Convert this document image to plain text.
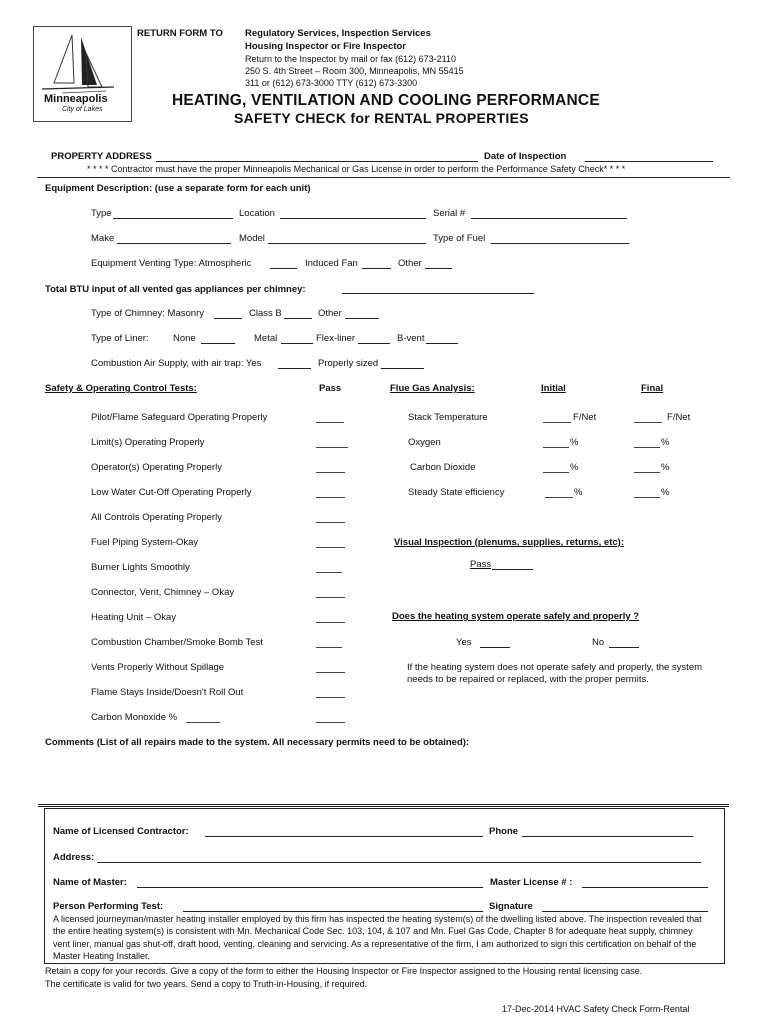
Minneapolis
City of Lakes
RETURN FORM TO Regulatory Services, Inspection Services
Housing Inspector or Fire Inspector
Return to the Inspector by mail or fax (612) 673-2110
250 S. 4th Street – Room 300, Minneapolis, MN 55415
311 or (612) 673-3000 TTY (612) 673-3300
HEATING, VENTILATION AND COOLING PERFORMANCE
SAFETY CHECK for RENTAL PROPERTIES
PROPERTY ADDRESS	Date of Inspection
* * * * Contractor must have the proper Minneapolis Mechanical or Gas License in order to perform the Performance Safety Check* * * *
Equipment Description: (use a separate form for each unit)
Type	Location	Serial #
Make	Model	Type of Fuel
Equipment Venting Type: Atmospheric	Induced Fan	Other
Total BTU input of all vented gas appliances per chimney:
Type of Chimney: Masonry	Class B	Other
Type of Liner:	None	Metal	Flex-liner	B-vent
Combustion Air Supply, with air trap: Yes	Properly sized
Safety & Operating Control Tests:	Pass	Flue Gas Analysis:	Initial	Final
Pilot/Flame Safeguard Operating Properly
Limit(s) Operating Properly
Operator(s) Operating Properly
Low Water Cut-Off Operating Properly
All Controls Operating Properly
Fuel Piping System-Okay
Burner Lights Smoothly
Connector, Vent, Chimney – Okay
Heating Unit – Okay
Combustion Chamber/Smoke Bomb Test
Vents Properly Without Spillage
Flame Stays Inside/Doesn't Roll Out
Carbon Monoxide %
Stack Temperature	F/Net	F/Net
Oxygen	%	%
Carbon Dioxide	%	%
Steady State efficiency	%	%
Visual Inspection (plenums, supplies, returns, etc):
Pass
Does the heating system operate safely and properly ?
Yes	No
If the heating system does not operate safely and properly, the system
needs to be repaired or replaced, with the proper permits.
Comments (List of all repairs made to the system. All necessary permits need to be obtained):
Name of Licensed Contractor:	Phone
Address:
Name of Master:	Master License # :
Person Performing Test:	Signature
A licensed journeyman/master heating installer employed by this firm has inspected the heating system(s) of the dwelling listed above. The inspection revealed that the entire heating system(s) is consistent with Mn. Mechanical Code Sec. 103, 104, & 107 and Mn. Fuel Gas Code, Chapter 8 for adequate heat supply, chimney vent liner, manual gas shut-off, draft hood, venting, cleaning and servicing. As a representative of the firm, I am authorized to sign this certification on behalf of the Master Heating Installer.
Retain a copy for your records. Give a copy of the form to either the Housing Inspector or Fire Inspector assigned to the Housing rental licensing case.
The certificate is valid for two years. Send a copy to Truth-in-Housing, if required.
17-Dec-2014 HVAC Safety Check Form-Rental
